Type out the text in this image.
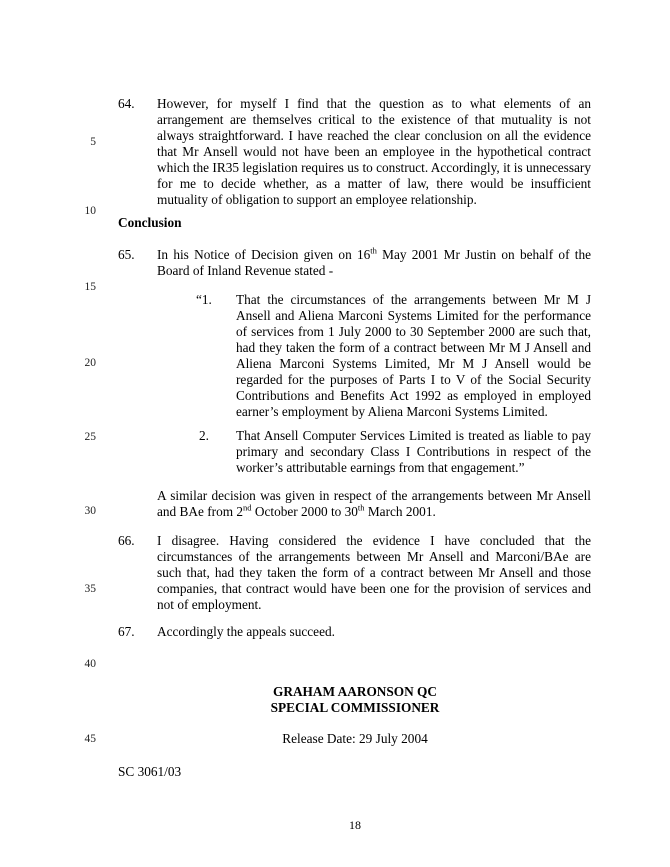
5
10
15
20
25
30
35
40
45
64. However, for myself I find that the question as to what elements of an arrangement are themselves critical to the existence of that mutuality is not always straightforward. I have reached the clear conclusion on all the evidence that Mr Ansell would not have been an employee in the hypothetical contract which the IR35 legislation requires us to construct. Accordingly, it is unnecessary for me to decide whether, as a matter of law, there would be insufficient mutuality of obligation to support an employee relationship.
Conclusion
65. In his Notice of Decision given on 16th May 2001 Mr Justin on behalf of the Board of Inland Revenue stated -
“1. That the circumstances of the arrangements between Mr M J Ansell and Aliena Marconi Systems Limited for the performance of services from 1 July 2000 to 30 September 2000 are such that, had they taken the form of a contract between Mr M J Ansell and Aliena Marconi Systems Limited, Mr M J Ansell would be regarded for the purposes of Parts I to V of the Social Security Contributions and Benefits Act 1992 as employed in employed earner’s employment by Aliena Marconi Systems Limited.
2. That Ansell Computer Services Limited is treated as liable to pay primary and secondary Class I Contributions in respect of the worker’s attributable earnings from that engagement.”
A similar decision was given in respect of the arrangements between Mr Ansell and BAe from 2nd October 2000 to 30th March 2001.
66. I disagree. Having considered the evidence I have concluded that the circumstances of the arrangements between Mr Ansell and Marconi/BAe are such that, had they taken the form of a contract between Mr Ansell and those companies, that contract would have been one for the provision of services and not of employment.
67. Accordingly the appeals succeed.
GRAHAM AARONSON QC
SPECIAL COMMISSIONER
Release Date: 29 July 2004
SC 3061/03
18
